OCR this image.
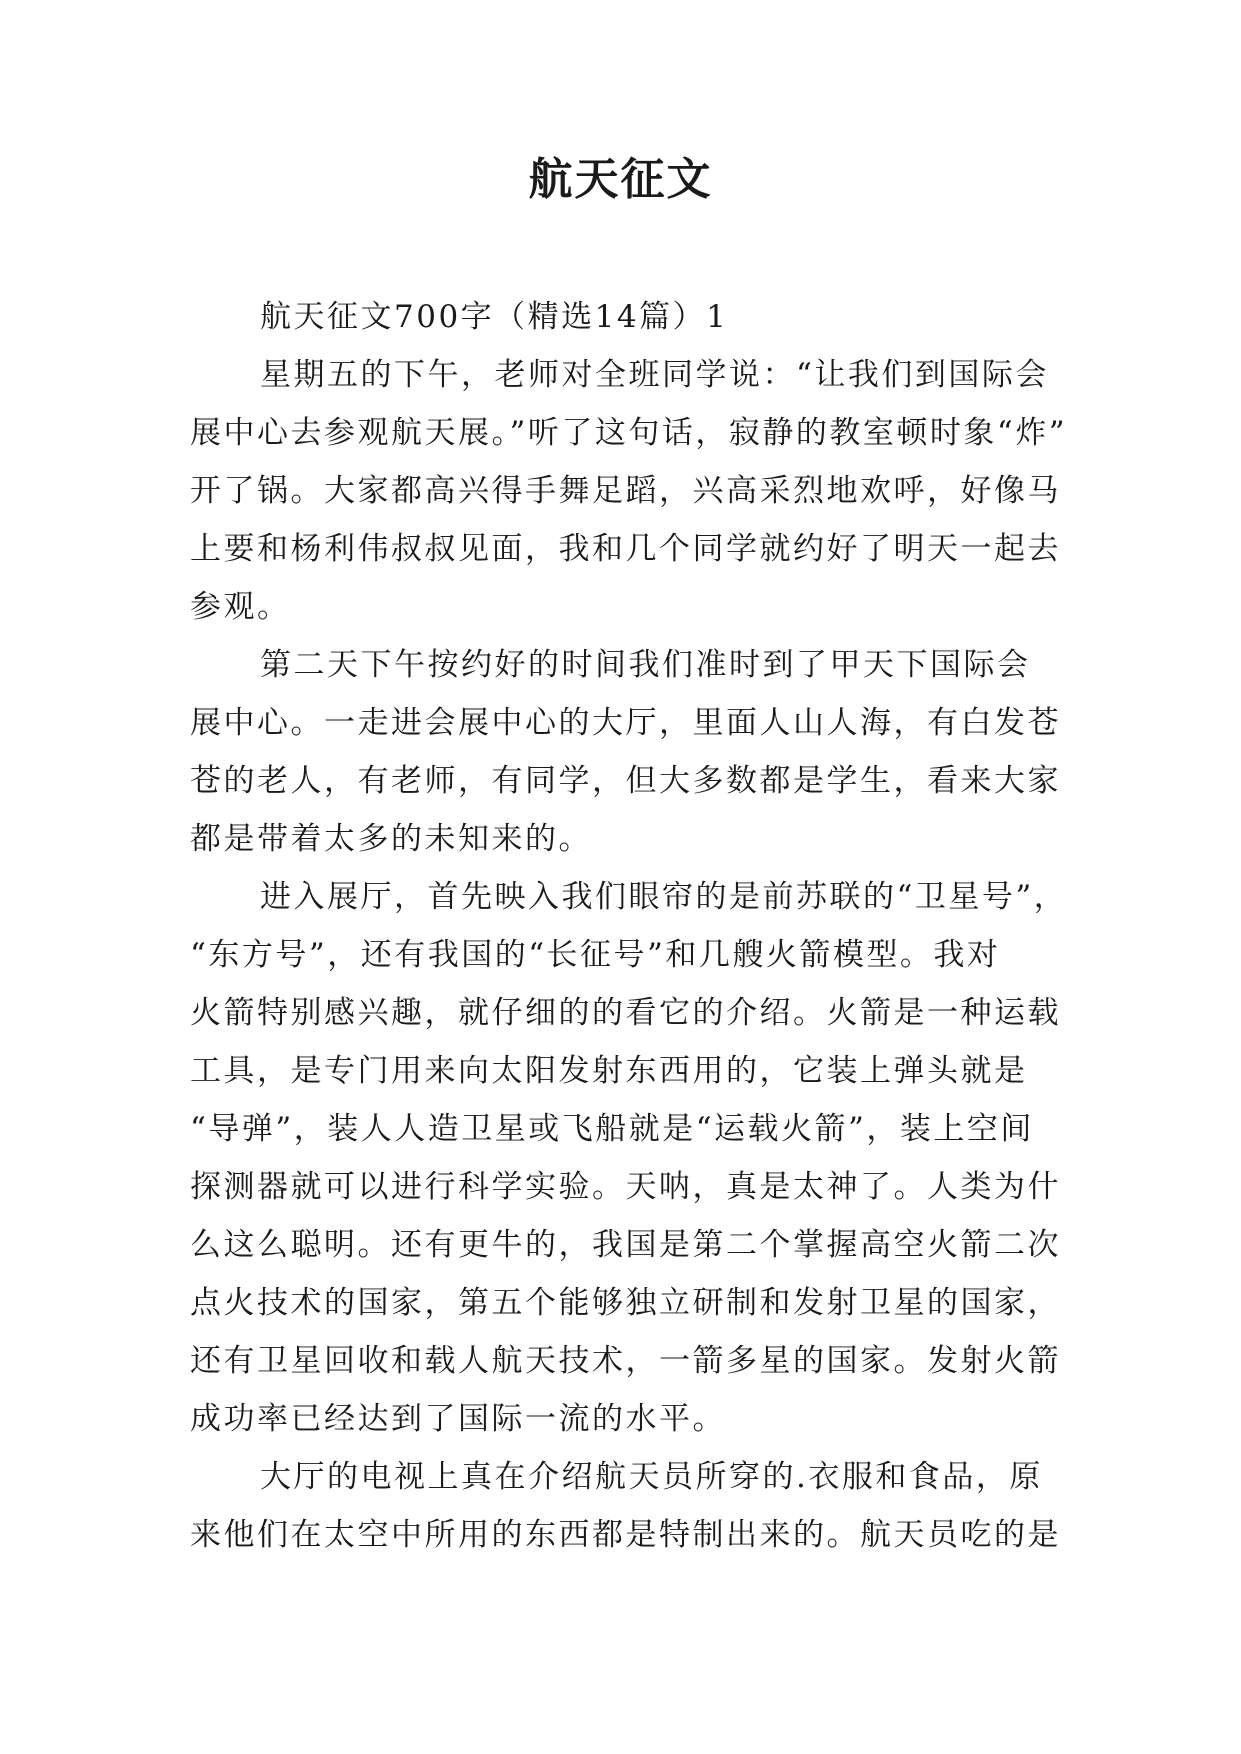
航天征文
航天征文700字（精选14篇）1
星期五的下午，老师对全班同学说：“让我们到国际会
展中心去参观航天展。”听了这句话，寂静的教室顿时象“炸”
开了锅。大家都高兴得手舞足蹈，兴高采烈地欢呼，好像马
上要和杨利伟叔叔见面，我和几个同学就约好了明天一起去
参观。
第二天下午按约好的时间我们准时到了甲天下国际会
展中心。一走进会展中心的大厅，里面人山人海，有白发苍
苍的老人，有老师，有同学，但大多数都是学生，看来大家
都是带着太多的未知来的。
进入展厅，首先映入我们眼帘的是前苏联的“卫星号”，
“东方号”，还有我国的“长征号”和几艘火箭模型。我对
火箭特别感兴趣，就仔细的的看它的介绍。火箭是一种运载
工具，是专门用来向太阳发射东西用的，它装上弹头就是
“导弹”，装人人造卫星或飞船就是“运载火箭”，装上空间
探测器就可以进行科学实验。天呐，真是太神了。人类为什
么这么聪明。还有更牛的，我国是第二个掌握高空火箭二次
点火技术的国家，第五个能够独立研制和发射卫星的国家，
还有卫星回收和载人航天技术，一箭多星的国家。发射火箭
成功率已经达到了国际一流的水平。
大厅的电视上真在介绍航天员所穿的.衣服和食品，原
来他们在太空中所用的东西都是特制出来的。航天员吃的是
